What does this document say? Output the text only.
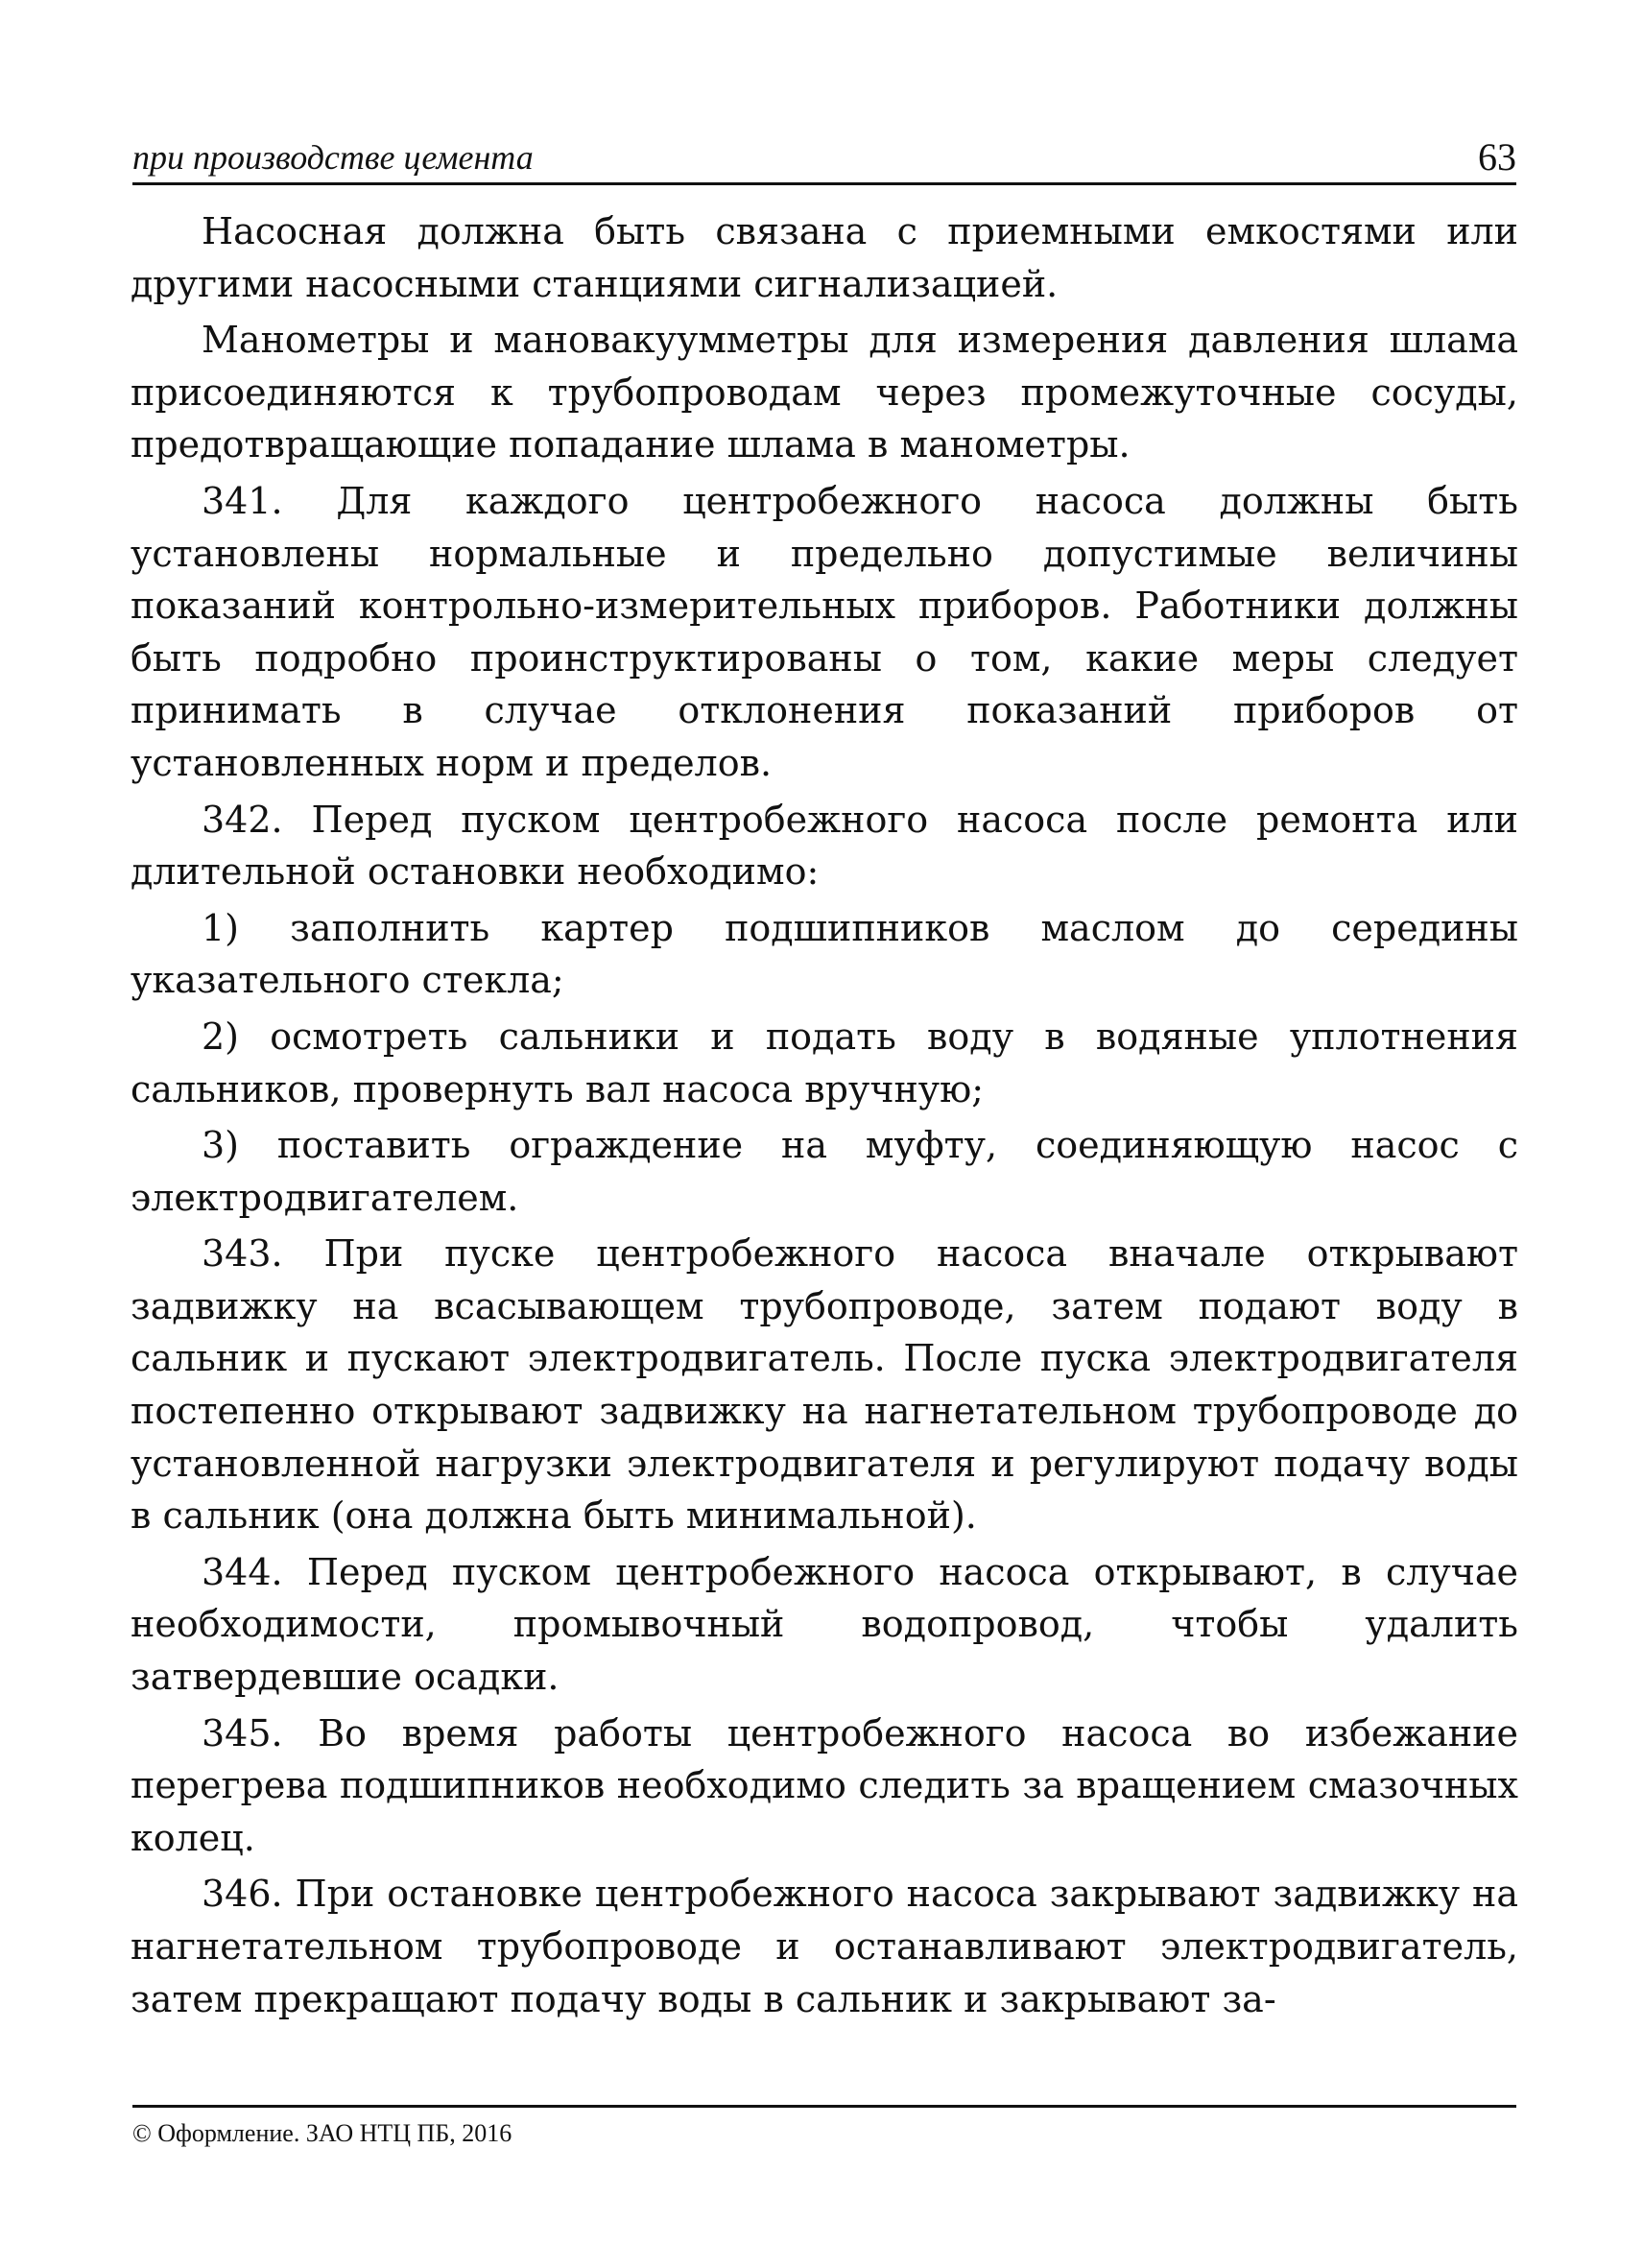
при производстве цемента	63

Насосная должна быть связана с приемными емкостями или другими насосными станциями сигнализацией.

Манометры и мановакуумметры для измерения давления шлама присоединяются к трубопроводам через промежуточные сосуды, предотвращающие попадание шлама в манометры.

341. Для каждого центробежного насоса должны быть установлены нормальные и предельно допустимые величины показаний контрольно-измерительных приборов. Работники должны быть подробно проинструктированы о том, какие меры следует принимать в случае отклонения показаний приборов от установленных норм и пределов.

342. Перед пуском центробежного насоса после ремонта или длительной остановки необходимо:

1) заполнить картер подшипников маслом до середины указательного стекла;

2) осмотреть сальники и подать воду в водяные уплотнения сальников, провернуть вал насоса вручную;

3) поставить ограждение на муфту, соединяющую насос с электродвигателем.

343. При пуске центробежного насоса вначале открывают задвижку на всасывающем трубопроводе, затем подают воду в сальник и пускают электродвигатель. После пуска электродвигателя постепенно открывают задвижку на нагнетательном трубопроводе до установленной нагрузки электродвигателя и регулируют подачу воды в сальник (она должна быть минимальной).

344. Перед пуском центробежного насоса открывают, в случае необходимости, промывочный водопровод, чтобы удалить затвердевшие осадки.

345. Во время работы центробежного насоса во избежание перегрева подшипников необходимо следить за вращением смазочных колец.

346. При остановке центробежного насоса закрывают задвижку на нагнетательном трубопроводе и останавливают электродвигатель, затем прекращают подачу воды в сальник и закрывают за-

© Оформление. ЗАО НТЦ ПБ, 2016
